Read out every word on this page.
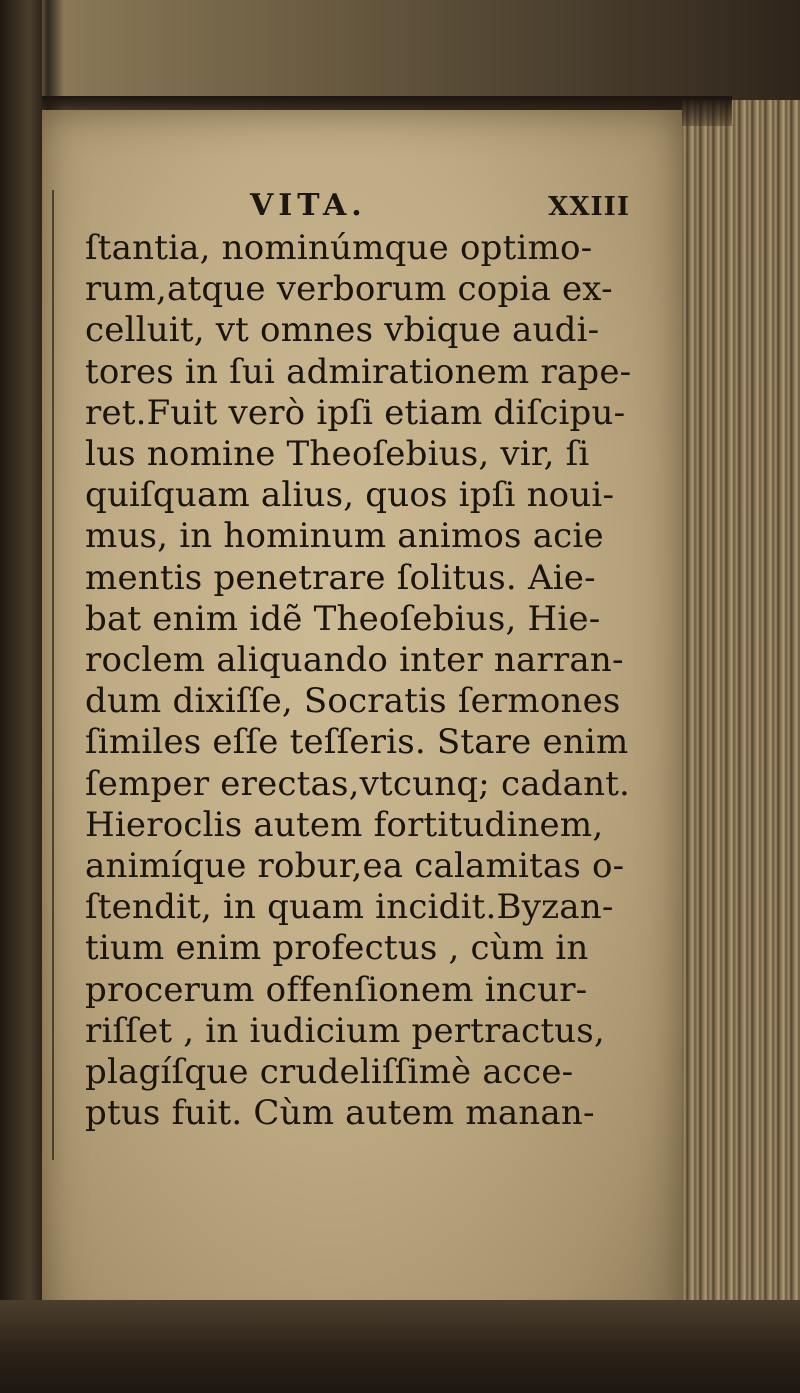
VITA.	XXIII
ſtantia, nominúmque optimo-
rum,atque verborum copia ex-
celluit, vt omnes vbique audi-
tores in ſui admirationem rape-
ret.Fuit verò ipſi etiam diſcipu-
lus nomine Theoſebius, vir, ſi
quiſquam alius, quos ipſi noui-
mus, in hominum animos acie
mentis penetrare ſolitus. Aie-
bat enim idẽ Theoſebius, Hie-
roclem aliquando inter narran-
dum dixiſſe, Socratis ſermones
ſimiles eſſe teſſeris. Stare enim
ſemper erectas,vtcunq; cadant.
Hieroclis autem fortitudinem,
animíque robur,ea calamitas o-
ſtendit, in quam incidit.Byzan-
tium enim profectus , cùm in
procerum offenſionem incur-
riſſet , in iudicium pertractus,
plagíſque crudeliſſimè acce-
ptus fuit. Cùm autem manan-
